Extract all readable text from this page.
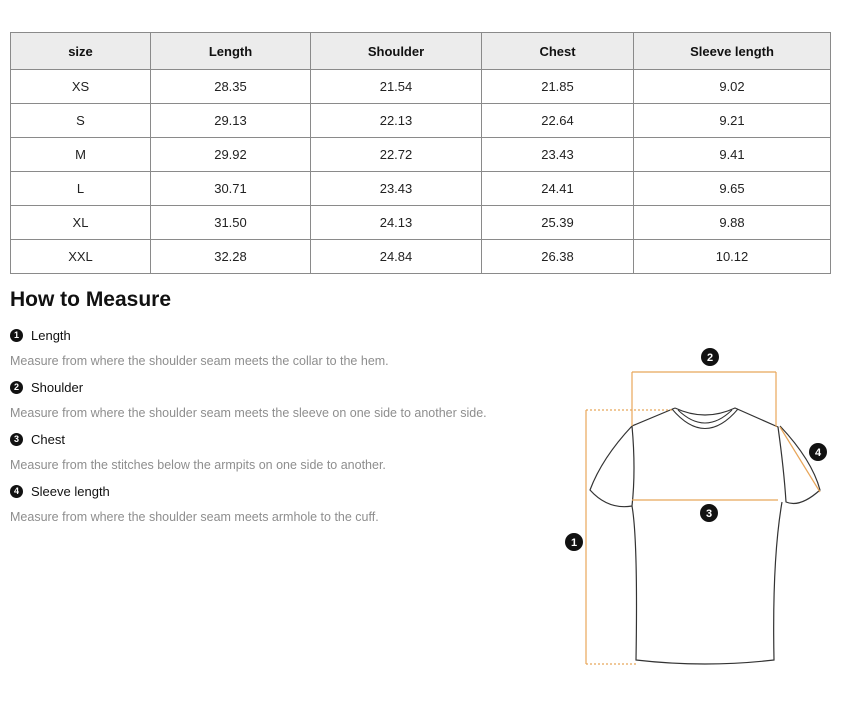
size	Length	Shoulder	Chest	Sleeve length
XS	28.35	21.54	21.85	9.02
S	29.13	22.13	22.64	9.21
M	29.92	22.72	23.43	9.41
L	30.71	23.43	24.41	9.65
XL	31.50	24.13	25.39	9.88
XXL	32.28	24.84	26.38	10.12
How to Measure
1 Length
Measure from where the shoulder seam meets the collar to the hem.
2 Shoulder
Measure from where the shoulder seam meets the sleeve on one side to another side.
3 Chest
Measure from the stitches below the armpits on one side to another.
4 Sleeve length
Measure from where the shoulder seam meets armhole to the cuff.
1
2
3
4
